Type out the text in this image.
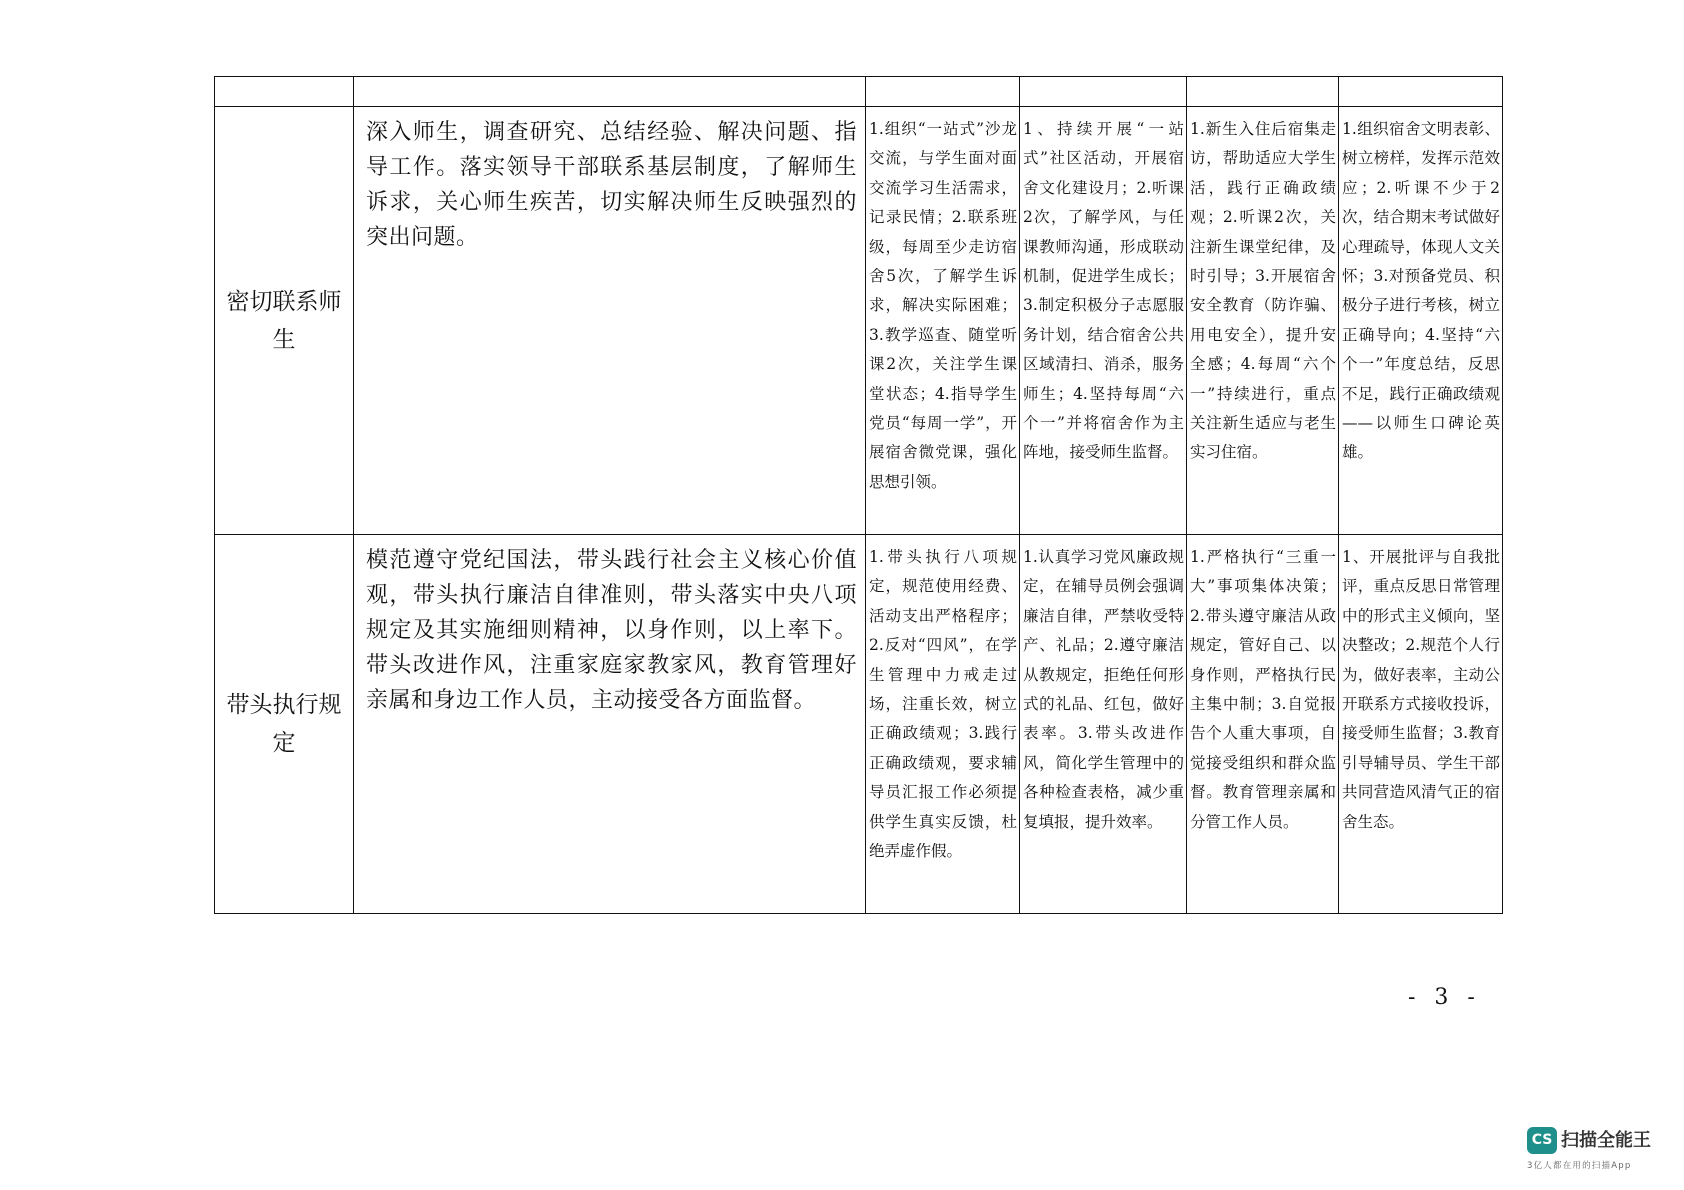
密切联系师生	深入师生，调查研究、总结经验、解决问题、指导工作。落实领导干部联系基层制度，了解师生诉求，关心师生疾苦，切实解决师生反映强烈的突出问题。	1.组织“一站式”沙龙交流，与学生面对面交流学习生活需求，记录民情；2.联系班级，每周至少走访宿舍5次，了解学生诉求，解决实际困难；3.教学巡查、随堂听课2次，关注学生课堂状态；4.指导学生党员“每周一学”，开展宿舍微党课，强化思想引领。	1、持续开展“一站式”社区活动，开展宿舍文化建设月；2.听课2次，了解学风，与任课教师沟通，形成联动机制，促进学生成长；3.制定积极分子志愿服务计划，结合宿舍公共区域清扫、消杀，服务师生；4.坚持每周“六个一”并将宿舍作为主阵地，接受师生监督。	1.新生入住后宿集走访，帮助适应大学生活，践行正确政绩观；2.听课2次，关注新生课堂纪律，及时引导；3.开展宿舍安全教育（防诈骗、用电安全），提升安全感；4.每周“六个一”持续进行，重点关注新生适应与老生实习住宿。	1.组织宿舍文明表彰、树立榜样，发挥示范效应；2.听课不少于2次，结合期末考试做好心理疏导，体现人文关怀；3.对预备党员、积极分子进行考核，树立正确导向；4.坚持“六个一”年度总结，反思不足，践行正确政绩观——以师生口碑论英雄。
带头执行规定	模范遵守党纪国法，带头践行社会主义核心价值观，带头执行廉洁自律准则，带头落实中央八项规定及其实施细则精神，以身作则，以上率下。带头改进作风，注重家庭家教家风，教育管理好亲属和身边工作人员，主动接受各方面监督。	1.带头执行八项规定，规范使用经费、活动支出严格程序；2.反对“四风”，在学生管理中力戒走过场，注重长效，树立正确政绩观；3.践行正确政绩观，要求辅导员汇报工作必须提供学生真实反馈，杜绝弄虚作假。	1.认真学习党风廉政规定，在辅导员例会强调廉洁自律，严禁收受特产、礼品；2.遵守廉洁从教规定，拒绝任何形式的礼品、红包，做好表率。3.带头改进作风，简化学生管理中的各种检查表格，减少重复填报，提升效率。	1.严格执行“三重一大”事项集体决策；2.带头遵守廉洁从政规定，管好自己、以身作则，严格执行民主集中制；3.自觉报告个人重大事项，自觉接受组织和群众监督。教育管理亲属和分管工作人员。	1、开展批评与自我批评，重点反思日常管理中的形式主义倾向，坚决整改；2.规范个人行为，做好表率，主动公开联系方式接收投诉，接受师生监督；3.教育引导辅导员、学生干部共同营造风清气正的宿舍生态。
- 3 -
CS 扫描全能王
3亿人都在用的扫描App
